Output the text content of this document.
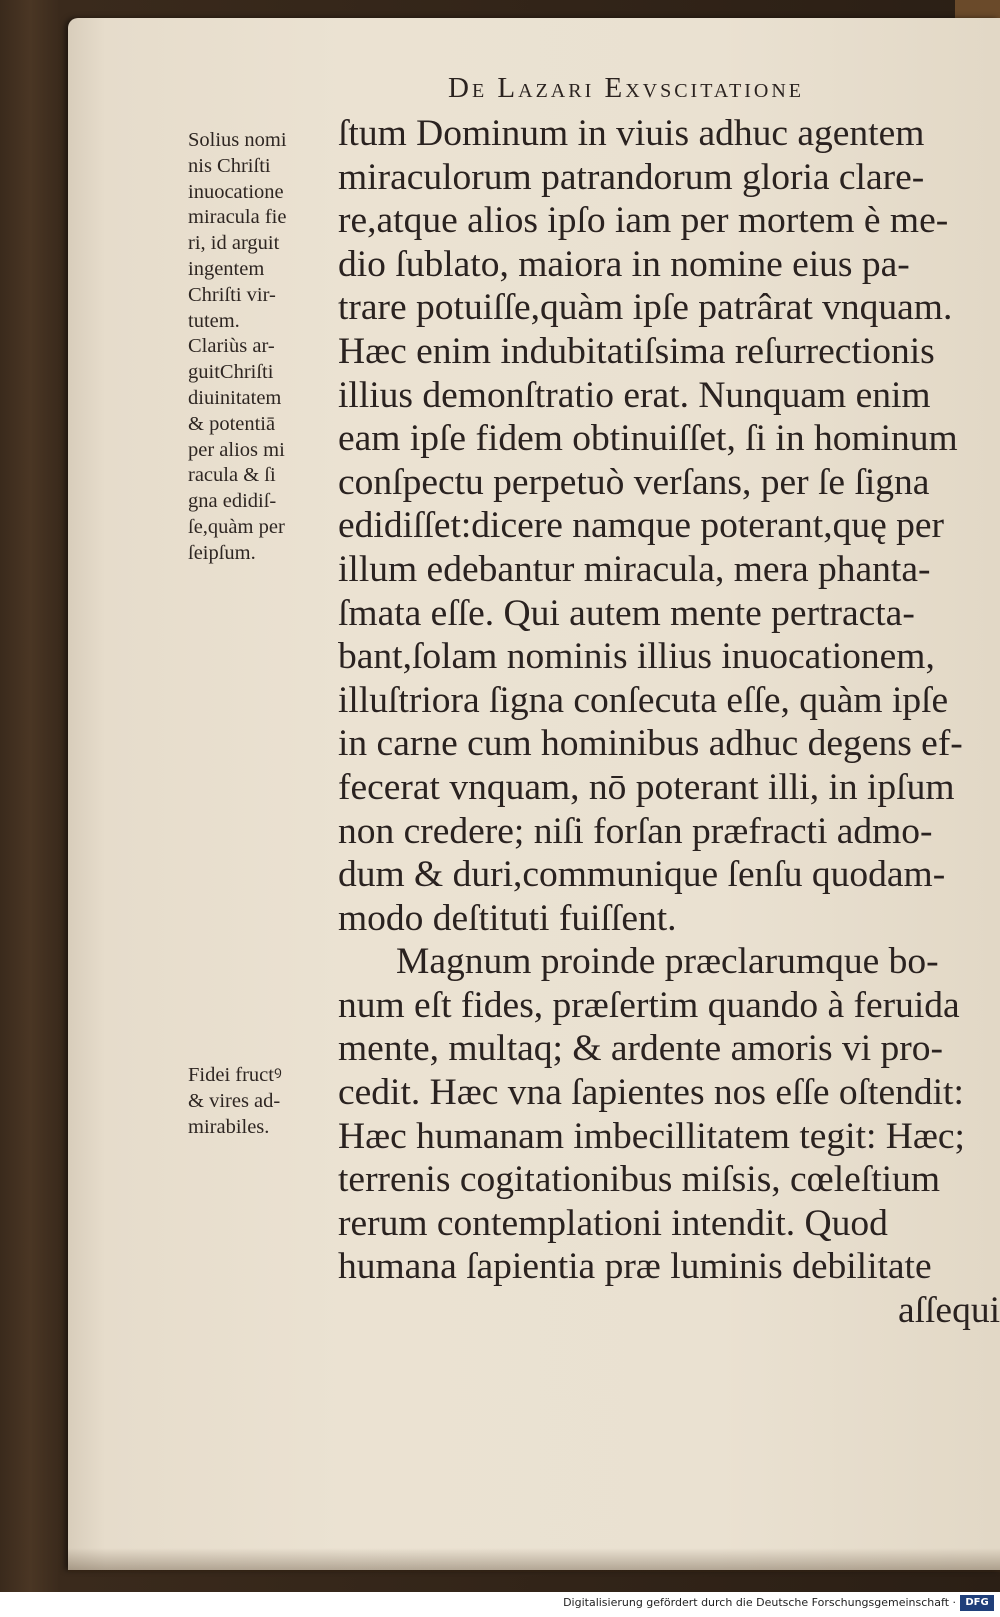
De Lazari Exvscitatione
Solius nomi
nis Chriſti
inuocatione
miracula fie
ri, id arguit
ingentem
Chriſti vir-
tutem.
Clariùs ar-
guitChriſti
diuinitatem
& potentiā
per alios mi
racula & ſi
gna edidiſ-
ſe,quàm per
ſeipſum.
Fidei fructꝰ
& vires ad-
mirabiles.
ſtum Dominum in viuis adhuc agentem
miraculorum patrandorum gloria clare-
re,atque alios ipſo iam per mortem è me-
dio ſublato, maiora in nomine eius pa-
trare potuiſſe,quàm ipſe patrârat vnquam.
Hæc enim indubitatiſsima reſurrectionis
illius demonſtratio erat. Nunquam enim
eam ipſe fidem obtinuiſſet, ſi in hominum
conſpectu perpetuò verſans, per ſe ſigna
edidiſſet:dicere namque poterant,quę per
illum edebantur miracula, mera phanta-
ſmata eſſe. Qui autem mente pertracta-
bant,ſolam nominis illius inuocationem,
illuſtriora ſigna conſecuta eſſe, quàm ipſe
in carne cum hominibus adhuc degens ef-
fecerat vnquam, nō poterant illi, in ipſum
non credere; niſi forſan præfracti admo-
dum & duri,communique ſenſu quodam-
modo deſtituti fuiſſent.
Magnum proinde præclarumque bo-
num eſt fides, præſertim quando à feruida
mente, multaq; & ardente amoris vi pro-
cedit. Hæc vna ſapientes nos eſſe oſtendit:
Hæc humanam imbecillitatem tegit: Hæc;
terrenis cogitationibus miſsis, cœleſtium
rerum contemplationi intendit. Quod
humana ſapientia præ luminis debilitate
aſſequi
Digitalisierung gefördert durch die Deutsche Forschungsgemeinschaft · DFG
